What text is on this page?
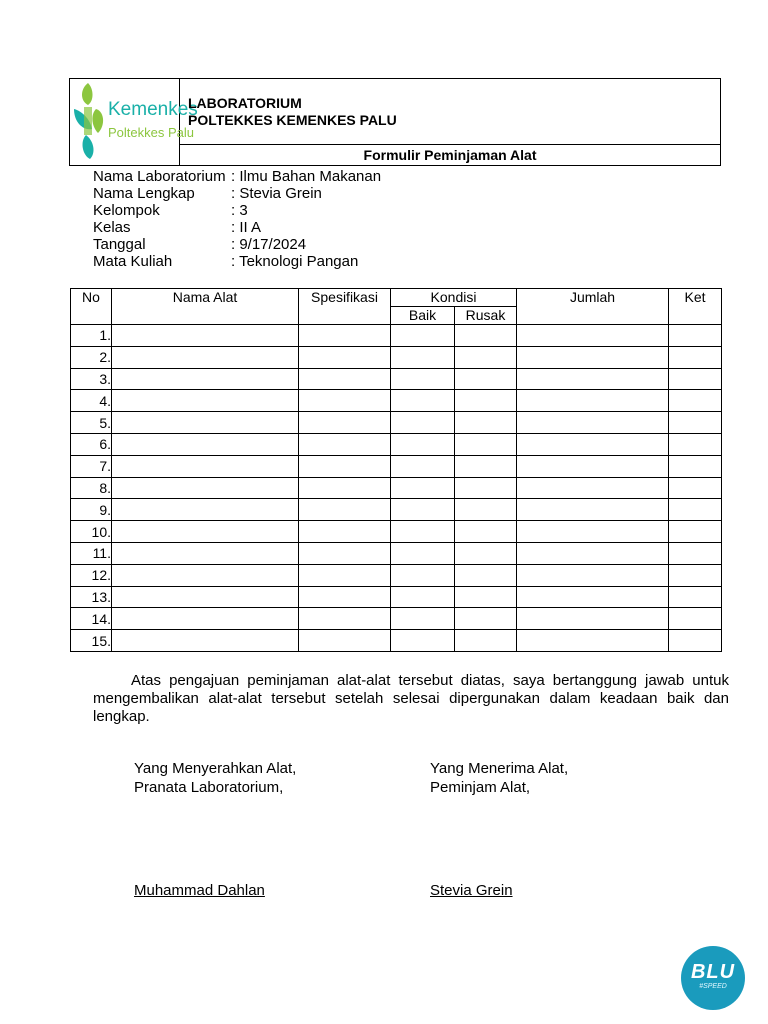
Kemenkes
Poltekkes Palu
LABORATORIUM
POLTEKKES KEMENKES PALU
Formulir Peminjaman Alat
Nama Laboratorium : Ilmu Bahan Makanan
Nama Lengkap : Stevia Grein
Kelompok	: 3
Kelas	: II A
Tanggal	: 9/17/2024
Mata Kuliah	: Teknologi Pangan
No	Nama Alat	Spesifikasi	Kondisi		Jumlah	Ket
			Baik	Rusak		
1.						
2.						
3.						
4.						
5.						
6.						
7.						
8.						
9.						
10.						
11.						
12.						
13.						
14.						
15.						
Atas pengajuan peminjaman alat-alat tersebut diatas, saya bertanggung jawab untuk mengembalikan alat-alat tersebut setelah selesai dipergunakan dalam keadaan baik dan lengkap.
Yang Menyerahkan Alat,
Pranata Laboratorium,
Muhammad Dahlan
Yang Menerima Alat,
Peminjam Alat,
Stevia Grein
BLU
#SPEED
